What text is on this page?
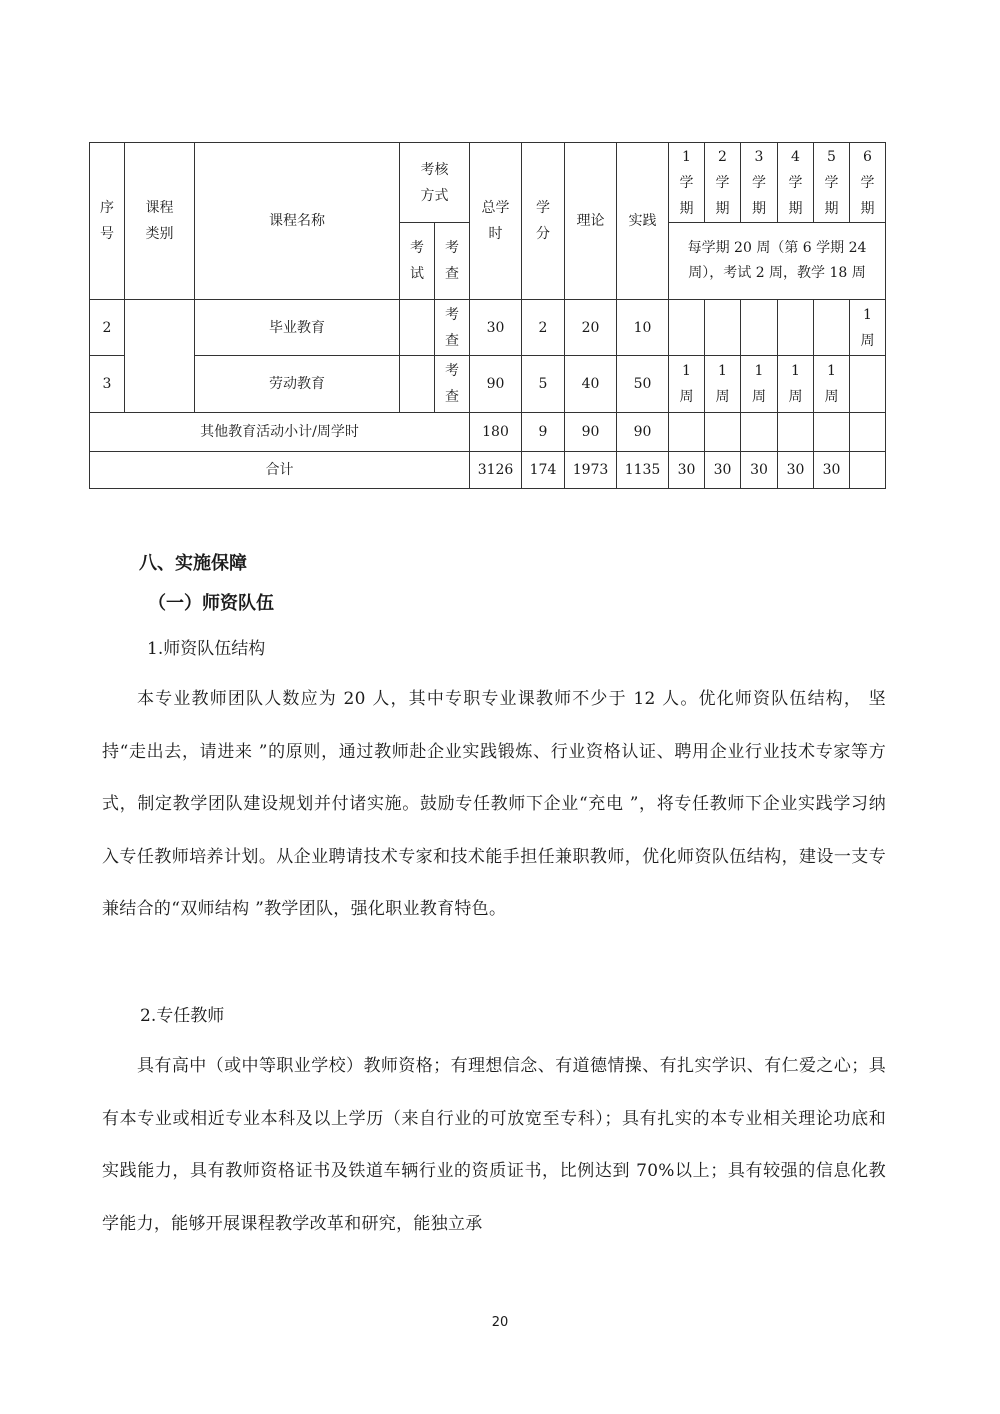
序号	课程类别	课程名称	考核方式		总学时	学分	理论	实践	1学期	2学期	3学期	4学期	5学期	6学期

			考试	考查					每学期 20 周（第 6 学期 24 周），考试 2 周，教学 18 周					
2		毕业教育		考查	30	2	20	10						1周

3		劳动教育		考查	90	5	40	50	1周	1周	1周	1周	1周	

其他教育活动小计/周学时					180	9	90	90						
合计					3126	174	1973	1135	30	30	30	30	30	
八、实施保障
（一）师资队伍
1.师资队伍结构

本专业教师团队人数应为 20 人，其中专职专业课教师不少于 12 人。优化师资队伍结构， 坚持“走出去，请进来 ”的原则，通过教师赴企业实践锻炼、行业资格认证、聘用企业行业技术专家等方式，制定教学团队建设规划并付诸实施。鼓励专任教师下企业“充电 ”，将专任教师下企业实践学习纳入专任教师培养计划。从企业聘请技术专家和技术能手担任兼职教师，优化师资队伍结构，建设一支专兼结合的“双师结构 ”教学团队，强化职业教育特色。

2.专任教师

具有高中（或中等职业学校）教师资格；有理想信念、有道德情操、有扎实学识、有仁爱之心；具有本专业或相近专业本科及以上学历（来自行业的可放宽至专科）；具有扎实的本专业相关理论功底和实践能力，具有教师资格证书及铁道车辆行业的资质证书，比例达到 70%以上；具有较强的信息化教学能力，能够开展课程教学改革和研究，能独立承

20
